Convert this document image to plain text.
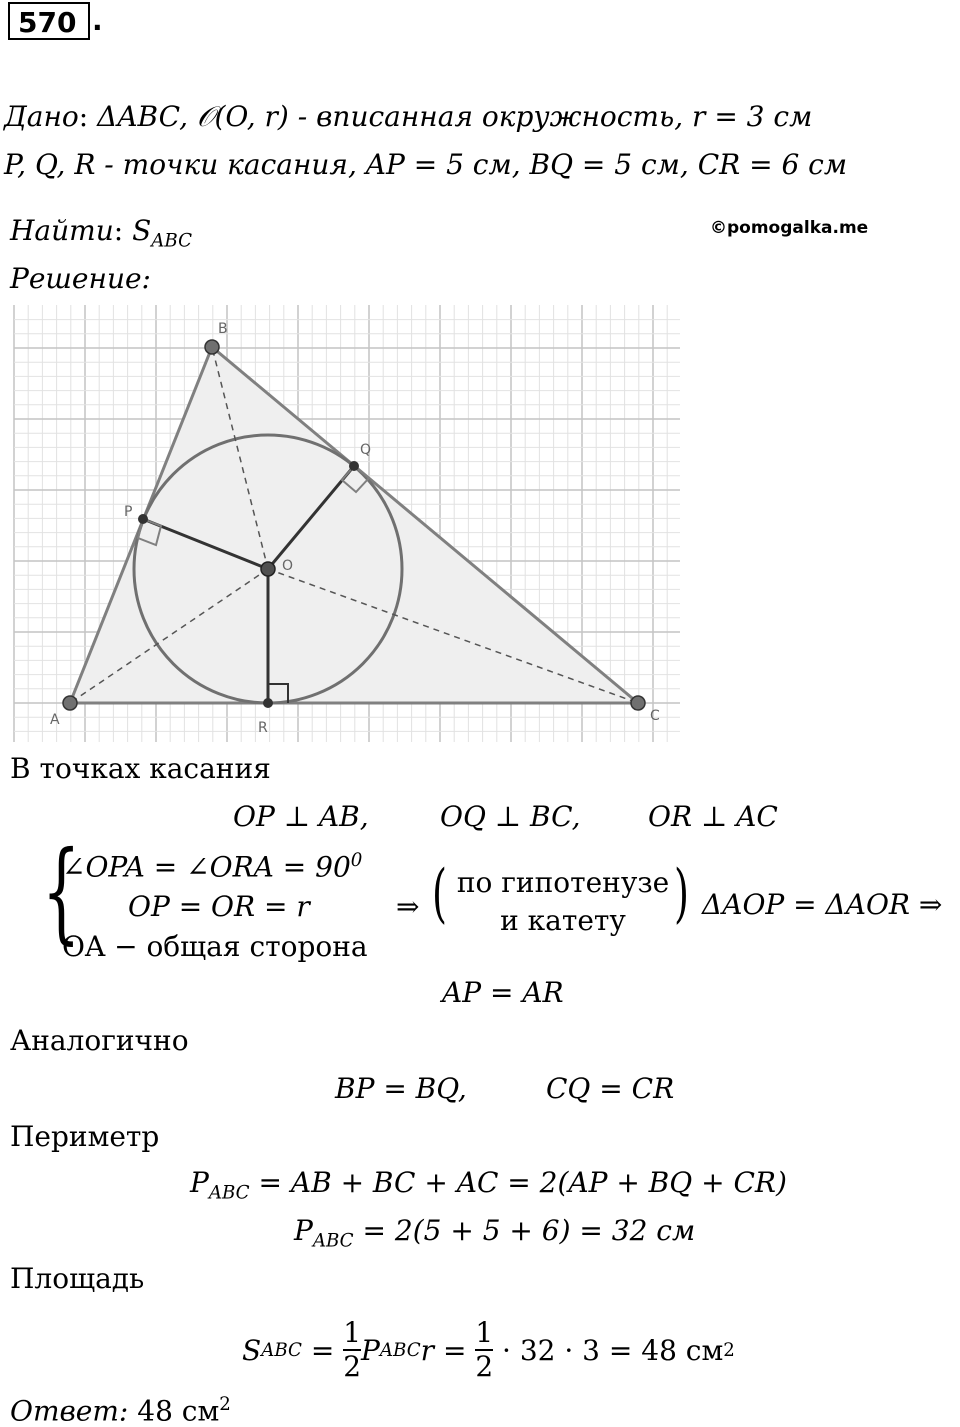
570 .
Дано: ΔABC, 𝒪(O, r) - вписанная окружность, r = 3 см
P, Q, R - точки касания, AP = 5 см, BQ = 5 см, CR = 6 см
Найти: $S_{ABC}$
©pomogalka.me
Решение:
A
B
C
O
P
Q
R
В точках касания
OP ⊥ AB,	OQ ⊥ BC, OR ⊥ AC
{
∠OPA = ∠ORA = $90^0$
OP = OR = r
OA − общая сторона
⇒ ( по гипотенузе
и катету ) ΔAOP = ΔAOR ⇒
AP = AR
Аналогично
BP = BQ,	CQ = CR
Периметр
$P_{ABC}$ = AB + BC + AC = 2(AP + BQ + CR)
$P_{ABC} = 2(5 + 5 + 6) = 32$ см
Площадь
S ABC = $\frac{1}{2}$ P ABC $r = \frac{1}{2}$
· 32 · 3
= 48 см 2
Ответ: 48 $см^2$
